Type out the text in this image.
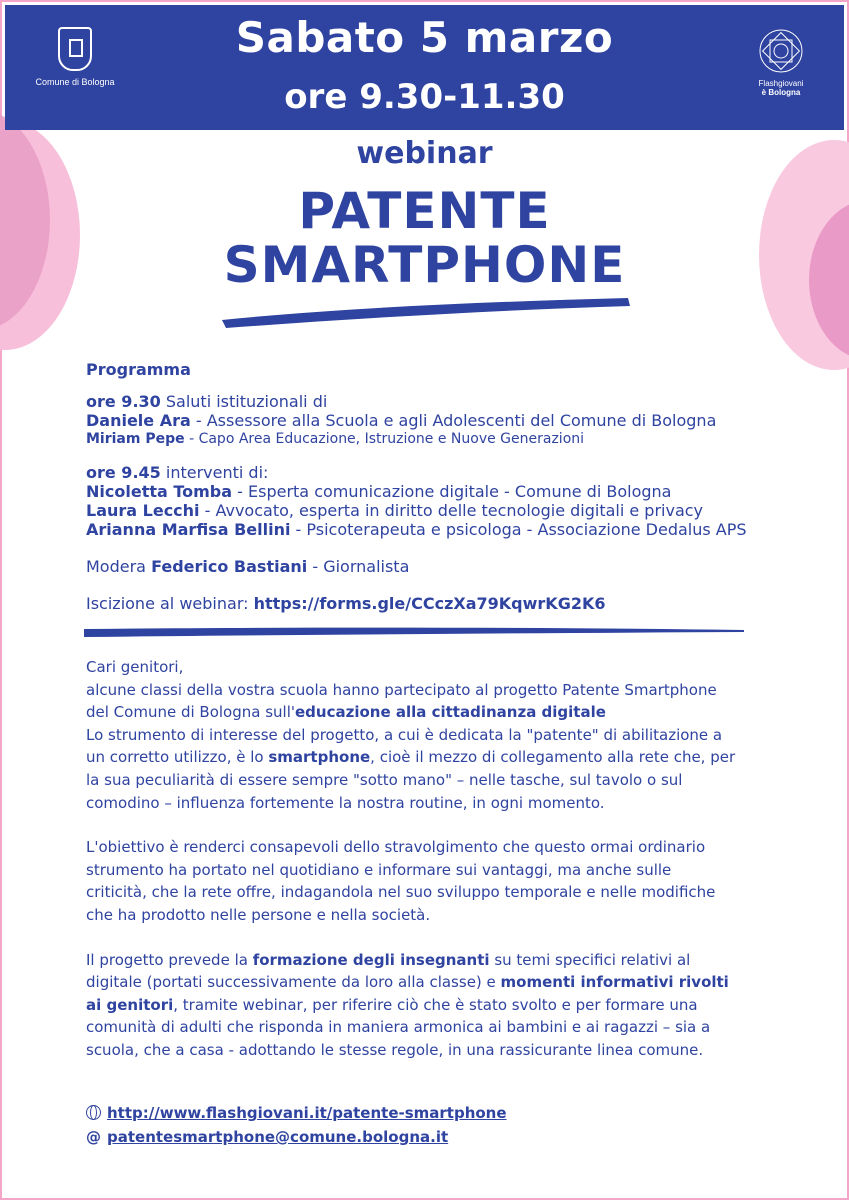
Comune di Bologna
Sabato 5 marzo
ore 9.30-11.30	Flashgiovani
è Bologna
webinar
PATENTE
SMARTPHONE
Programma
ore 9.30 Saluti istituzionali di
Daniele Ara - Assessore alla Scuola e agli Adolescenti del Comune di Bologna
Miriam Pepe - Capo Area Educazione, Istruzione e Nuove Generazioni
ore 9.45 interventi di:
Nicoletta Tomba - Esperta comunicazione digitale - Comune di Bologna
Laura Lecchi - Avvocato, esperta in diritto delle tecnologie digitali e privacy
Arianna Marfisa Bellini - Psicoterapeuta e psicologa - Associazione Dedalus APS
Modera Federico Bastiani - Giornalista
Iscizione al webinar: https://forms.gle/CCczXa79KqwrKG2K6

Cari genitori,

alcune classi della vostra scuola hanno partecipato al progetto Patente Smartphone

del Comune di Bologna sull'educazione alla cittadinanza digitale

Lo strumento di interesse del progetto, a cui è dedicata la "patente" di abilitazione a

un corretto utilizzo, è lo smartphone, cioè il mezzo di collegamento alla rete che, per

la sua peculiarità di essere sempre "sotto mano" – nelle tasche, sul tavolo o sul

comodino – influenza fortemente la nostra routine, in ogni momento.

L'obiettivo è renderci consapevoli dello stravolgimento che questo ormai ordinario

strumento ha portato nel quotidiano e informare sui vantaggi, ma anche sulle

criticità, che la rete offre, indagandola nel suo sviluppo temporale e nelle modifiche

che ha prodotto nelle persone e nella società.

Il progetto prevede la formazione degli insegnanti su temi specifici relativi al

digitale (portati successivamente da loro alla classe) e momenti informativi rivolti

ai genitori, tramite webinar, per riferire ciò che è stato svolto e per formare una

comunità di adulti che risponda in maniera armonica ai bambini e ai ragazzi – sia a

scuola, che a casa - adottando le stesse regole, in una rassicurante linea comune.

http://www.flashgiovani.it/patente-smartphone
@ patentesmartphone@comune.bologna.it
